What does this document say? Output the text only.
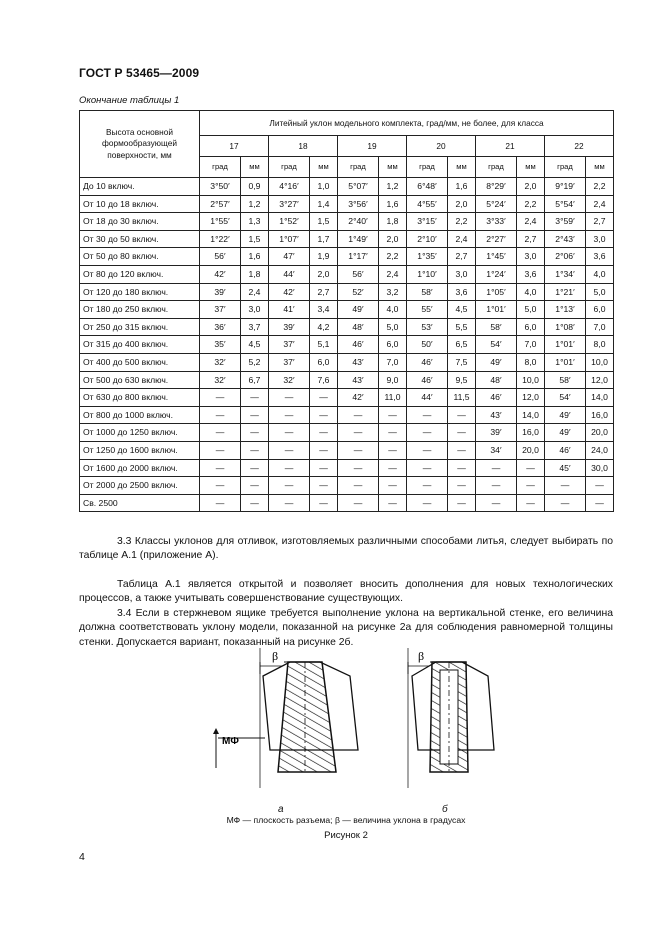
ГОСТ Р 53465—2009
Окончание таблицы 1
Высота основной формообразующей поверхности, мм	Литейный уклон модельного комплекта, град/мм, не более, для класса											
	17		18		19		20		21		22	
	град	мм	град	мм	град	мм	град	мм	град	мм	град	мм
До 10 включ.	3°50′	0,9	4°16′	1,0	5°07′	1,2	6°48′	1,6	8°29′	2,0	9°19′	2,2
От 10 до 18 включ.	2°57′	1,2	3°27′	1,4	3°56′	1,6	4°55′	2,0	5°24′	2,2	5°54′	2,4
От 18 до 30 включ.	1°55′	1,3	1°52′	1,5	2°40′	1,8	3°15′	2,2	3°33′	2,4	3°59′	2,7
От 30 до 50 включ.	1°22′	1,5	1°07′	1,7	1°49′	2,0	2°10′	2,4	2°27′	2,7	2°43′	3,0
От 50 до 80 включ.	56′	1,6	47′	1,9	1°17′	2,2	1°35′	2,7	1°45′	3,0	2°06′	3,6
От 80 до 120 включ.	42′	1,8	44′	2,0	56′	2,4	1°10′	3,0	1°24′	3,6	1°34′	4,0
От 120 до 180 включ.	39′	2,4	42′	2,7	52′	3,2	58′	3,6	1°05′	4,0	1°21′	5,0
От 180 до 250 включ.	37′	3,0	41′	3,4	49′	4,0	55′	4,5	1°01′	5,0	1°13′	6,0
От 250 до 315 включ.	36′	3,7	39′	4,2	48′	5,0	53′	5,5	58′	6,0	1°08′	7,0
От 315 до 400 включ.	35′	4,5	37′	5,1	46′	6,0	50′	6,5	54′	7,0	1°01′	8,0
От 400 до 500 включ.	32′	5,2	37′	6,0	43′	7,0	46′	7,5	49′	8,0	1°01′	10,0
От 500 до 630 включ.	32′	6,7	32′	7,6	43′	9,0	46′	9,5	48′	10,0	58′	12,0
От 630 до 800 включ.	—	—	—	—	42′	11,0	44′	11,5	46′	12,0	54′	14,0
От 800 до 1000 включ.	—	—	—	—	—	—	—	—	43′	14,0	49′	16,0
От 1000 до 1250 включ.	—	—	—	—	—	—	—	—	39′	16,0	49′	20,0
От 1250 до 1600 включ.	—	—	—	—	—	—	—	—	34′	20,0	46′	24,0
От 1600 до 2000 включ.	—	—	—	—	—	—	—	—	—	—	45′	30,0
От 2000 до 2500 включ.	—	—	—	—	—	—	—	—	—	—	—	—
Св. 2500	—	—	—	—	—	—	—	—	—	—	—	—
3.3 Классы уклонов для отливок, изготовляемых различными способами литья, следует выбирать по таблице А.1 (приложение А).
Таблица А.1 является открытой и позволяет вносить дополнения для новых технологических процессов, а также учитывать совершенствование существующих.
3.4 Если в стержневом ящике требуется выполнение уклона на вертикальной стенке, его величина должна соответствовать уклону модели, показанной на рисунке 2а для соблюдения равномерной толщины стенки. Допускается вариант, показанный на рисунке 2б.
β
МФ
β
а	б
МФ — плоскость разъема; β — величина уклона в градусах
Рисунок 2
4
